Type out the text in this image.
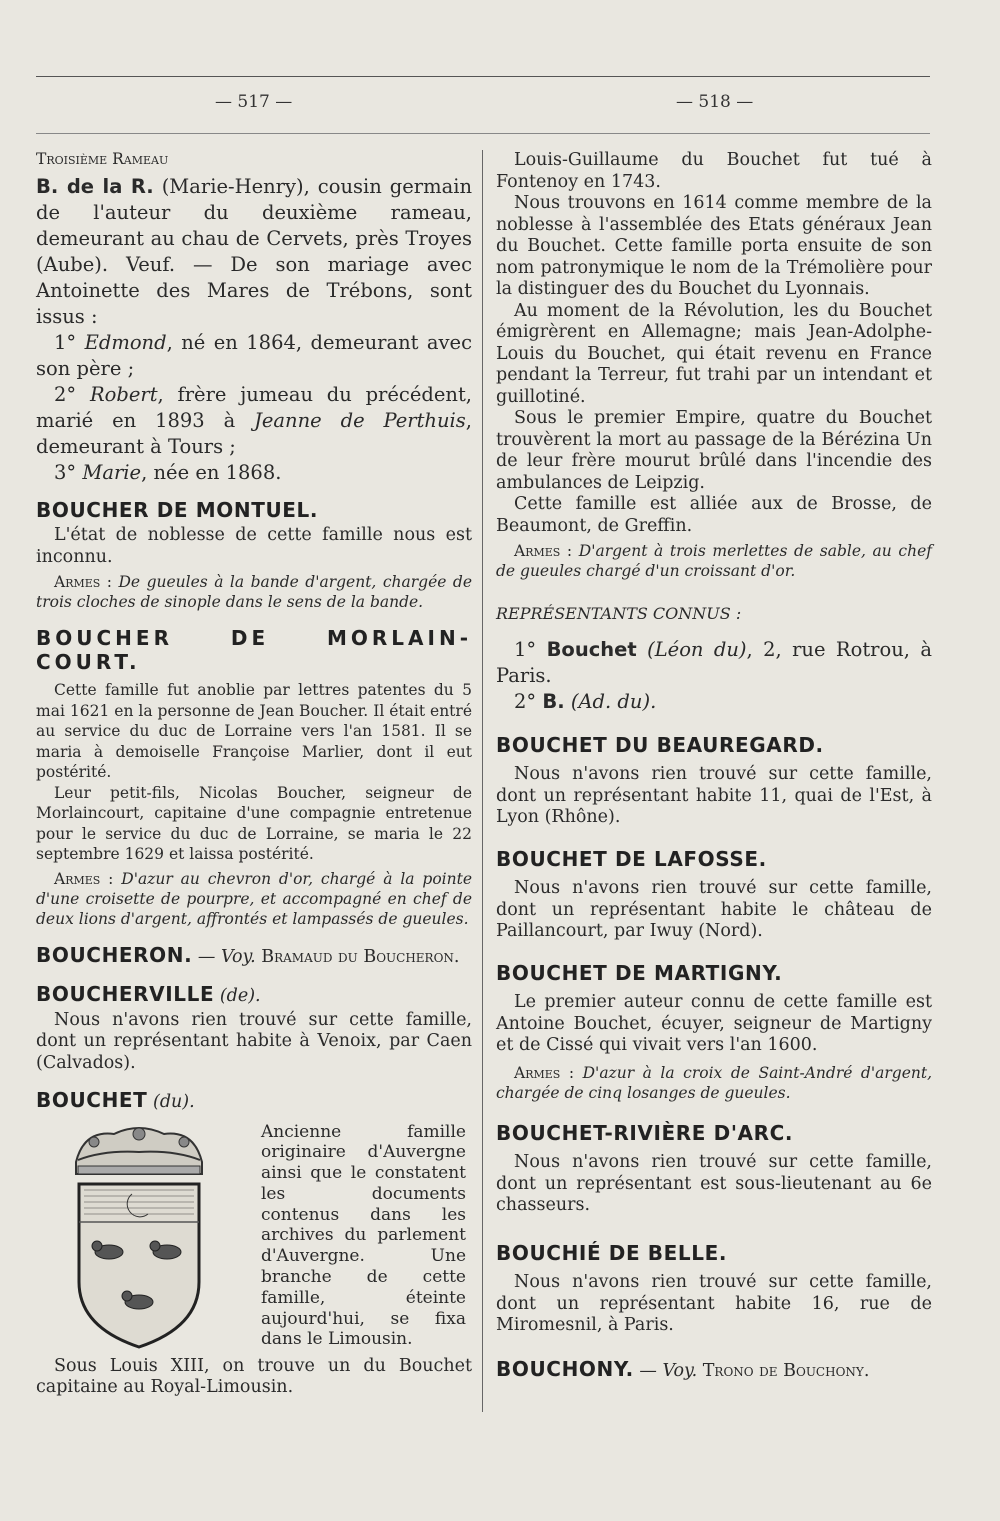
— 517 —	— 518 —

Troisième Rameau

B. de la R. (Marie-Henry), cousin germain de l'auteur du deuxième rameau, demeurant au chau de Cervets, près Troyes (Aube). Veuf. — De son mariage avec Antoinette des Mares de Trébons, sont issus :

1° Edmond, né en 1864, demeurant avec son père ;

2° Robert, frère jumeau du précédent, marié en 1893 à Jeanne de Perthuis, demeurant à Tours ;

3° Marie, née en 1868.

BOUCHER DE MONTUEL.

L'état de noblesse de cette famille nous est inconnu.

Armes : De gueules à la bande d'argent, chargée de trois cloches de sinople dans le sens de la bande.

BOUCHER DE MORLAIN-COURT.

Cette famille fut anoblie par lettres patentes du 5 mai 1621 en la personne de Jean Boucher. Il était entré au service du duc de Lorraine vers l'an 1581. Il se maria à demoiselle Françoise Marlier, dont il eut postérité.

Leur petit-fils, Nicolas Boucher, seigneur de Morlaincourt, capitaine d'une compagnie entretenue pour le service du duc de Lorraine, se maria le 22 septembre 1629 et laissa postérité.

Armes : D'azur au chevron d'or, chargé à la pointe d'une croisette de pourpre, et accompagné en chef de deux lions d'argent, affrontés et lampassés de gueules.

BOUCHERON. — Voy. Bramaud du Boucheron.

BOUCHERVILLE (de).

Nous n'avons rien trouvé sur cette famille, dont un représentant habite à Venoix, par Caen (Calvados).

BOUCHET (du).

Ancienne famille originaire d'Auvergne ainsi que le constatent les documents contenus dans les archives du parlement d'Auvergne. Une branche de cette famille, éteinte aujourd'hui, se fixa dans le Limousin.

Sous Louis XIII, on trouve un du Bouchet capitaine au Royal-Limousin.

Louis-Guillaume du Bouchet fut tué à Fontenoy en 1743.

Nous trouvons en 1614 comme membre de la noblesse à l'assemblée des Etats généraux Jean du Bouchet. Cette famille porta ensuite de son nom patronymique le nom de la Trémolière pour la distinguer des du Bouchet du Lyonnais.

Au moment de la Révolution, les du Bouchet émigrèrent en Allemagne; mais Jean-Adolphe-Louis du Bouchet, qui était revenu en France pendant la Terreur, fut trahi par un intendant et guillotiné.

Sous le premier Empire, quatre du Bouchet trouvèrent la mort au passage de la Bérézina Un de leur frère mourut brûlé dans l'incendie des ambulances de Leipzig.

Cette famille est alliée aux de Brosse, de Beaumont, de Greffin.

Armes : D'argent à trois merlettes de sable, au chef de gueules chargé d'un croissant d'or.

REPRÉSENTANTS CONNUS :

1° Bouchet (Léon du), 2, rue Rotrou, à Paris.

2° B. (Ad. du).

BOUCHET DU BEAUREGARD.

Nous n'avons rien trouvé sur cette famille, dont un représentant habite 11, quai de l'Est, à Lyon (Rhône).

BOUCHET DE LAFOSSE.

Nous n'avons rien trouvé sur cette famille, dont un représentant habite le château de Paillancourt, par Iwuy (Nord).

BOUCHET DE MARTIGNY.

Le premier auteur connu de cette famille est Antoine Bouchet, écuyer, seigneur de Martigny et de Cissé qui vivait vers l'an 1600.

Armes : D'azur à la croix de Saint-André d'argent, chargée de cinq losanges de gueules.

BOUCHET-RIVIÈRE D'ARC.

Nous n'avons rien trouvé sur cette famille, dont un représentant est sous-lieutenant au 6e chasseurs.

BOUCHIÉ DE BELLE.

Nous n'avons rien trouvé sur cette famille, dont un représentant habite 16, rue de Miromesnil, à Paris.

BOUCHONY. — Voy. Trono de Bouchony.
